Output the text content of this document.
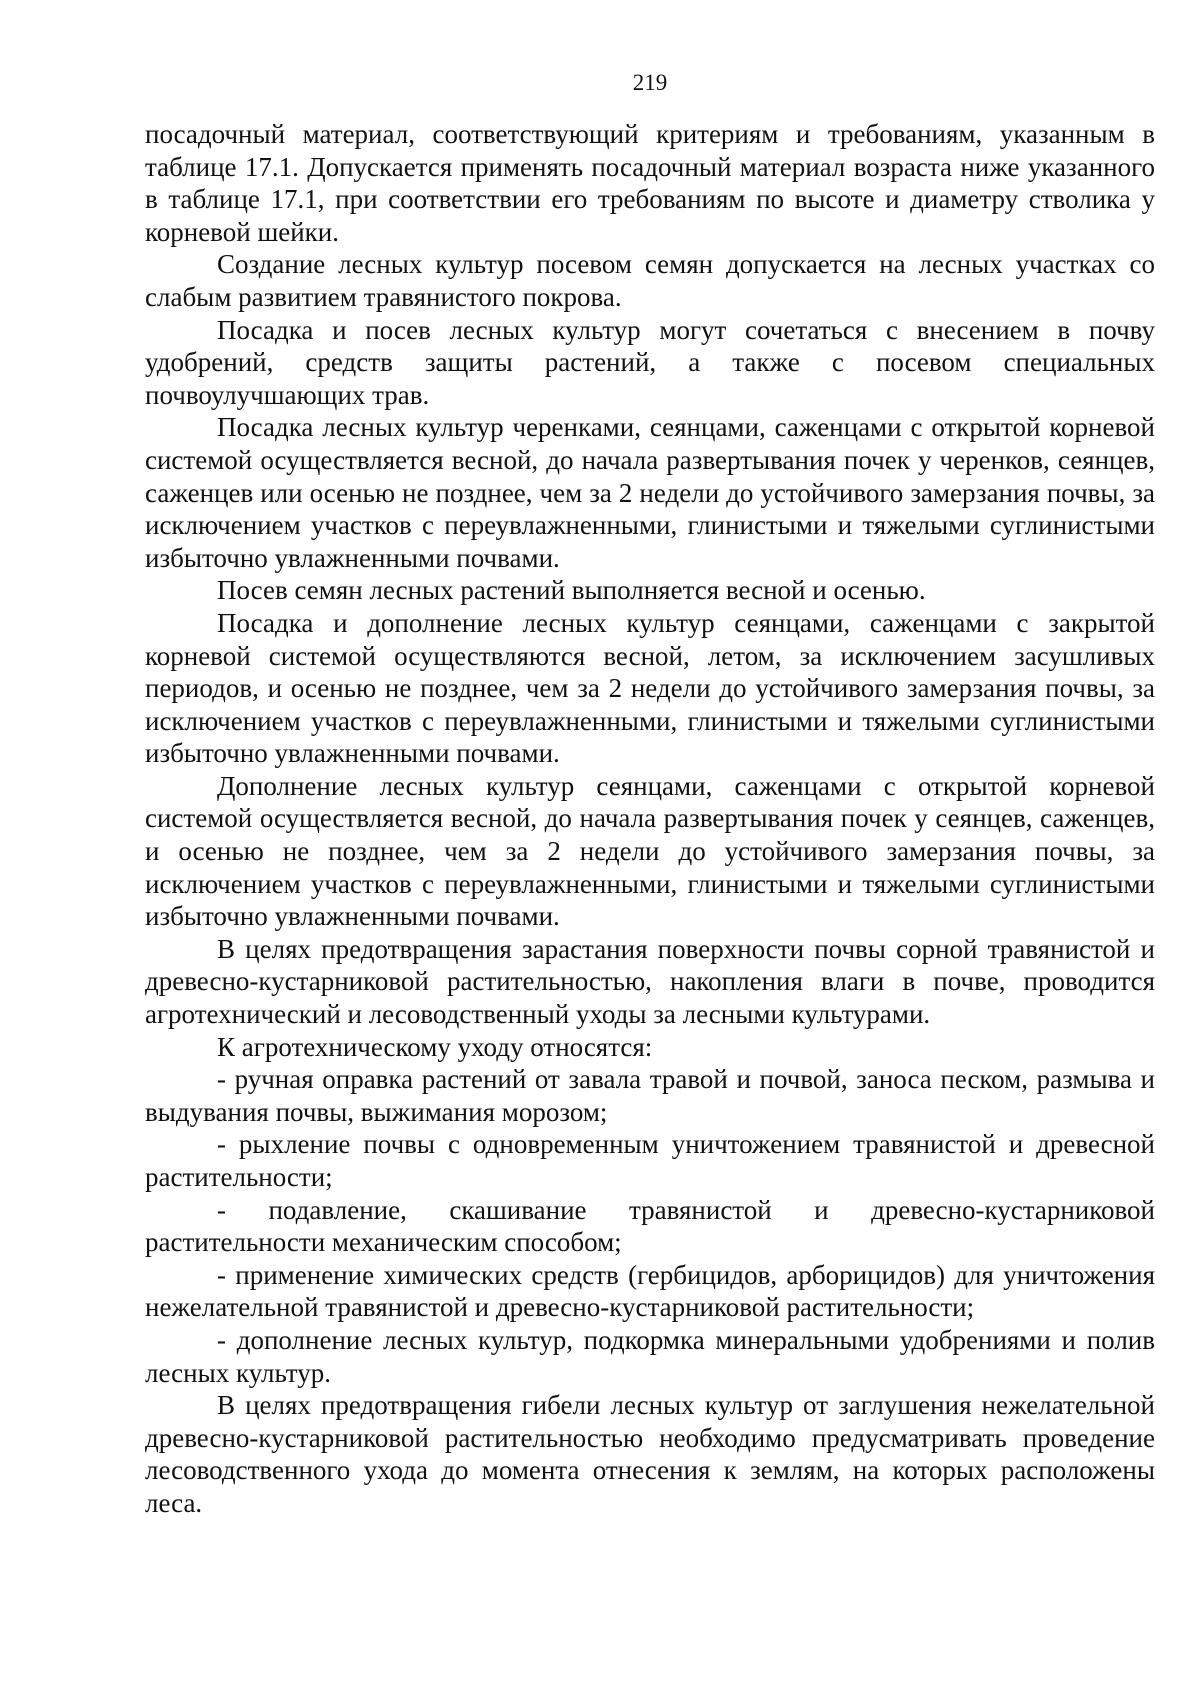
219

посадочный материал, соответствующий критериям и требованиям, указанным в таблице 17.1. Допускается применять посадочный материал возраста ниже указанного в таблице 17.1, при соответствии его требованиям по высоте и диаметру стволика у корневой шейки.

Создание лесных культур посевом семян допускается на лесных участках со слабым развитием травянистого покрова.

Посадка и посев лесных культур могут сочетаться с внесением в почву удобрений, средств защиты растений, а также с посевом специальных почвоулучшающих трав.

Посадка лесных культур черенками, сеянцами, саженцами с открытой корневой системой осуществляется весной, до начала развертывания почек у черенков, сеянцев, саженцев или осенью не позднее, чем за 2 недели до устойчивого замерзания почвы, за исключением участков с переувлажненными, глинистыми и тяжелыми суглинистыми избыточно увлажненными почвами.

Посев семян лесных растений выполняется весной и осенью.

Посадка и дополнение лесных культур сеянцами, саженцами с закрытой корневой системой осуществляются весной, летом, за исключением засушливых периодов, и осенью не позднее, чем за 2 недели до устойчивого замерзания почвы, за исключением участков с переувлажненными, глинистыми и тяжелыми суглинистыми избыточно увлажненными почвами.

Дополнение лесных культур сеянцами, саженцами с открытой корневой системой осуществляется весной, до начала развертывания почек у сеянцев, саженцев, и осенью не позднее, чем за 2 недели до устойчивого замерзания почвы, за исключением участков с переувлажненными, глинистыми и тяжелыми суглинистыми избыточно увлажненными почвами.

В целях предотвращения зарастания поверхности почвы сорной травянистой и древесно-кустарниковой растительностью, накопления влаги в почве, проводится агротехнический и лесоводственный уходы за лесными культурами.

К агротехническому уходу относятся:

- ручная оправка растений от завала травой и почвой, заноса песком, размыва и выдувания почвы, выжимания морозом;

- рыхление почвы с одновременным уничтожением травянистой и древесной растительности;

- подавление, скашивание травянистой и древесно-кустарниковой растительности механическим способом;

- применение химических средств (гербицидов, арборицидов) для уничтожения нежелательной травянистой и древесно-кустарниковой растительности;

- дополнение лесных культур, подкормка минеральными удобрениями и полив лесных культур.

В целях предотвращения гибели лесных культур от заглушения нежелательной древесно-кустарниковой растительностью необходимо предусматривать проведение лесоводственного ухода до момента отнесения к землям, на которых расположены леса.
